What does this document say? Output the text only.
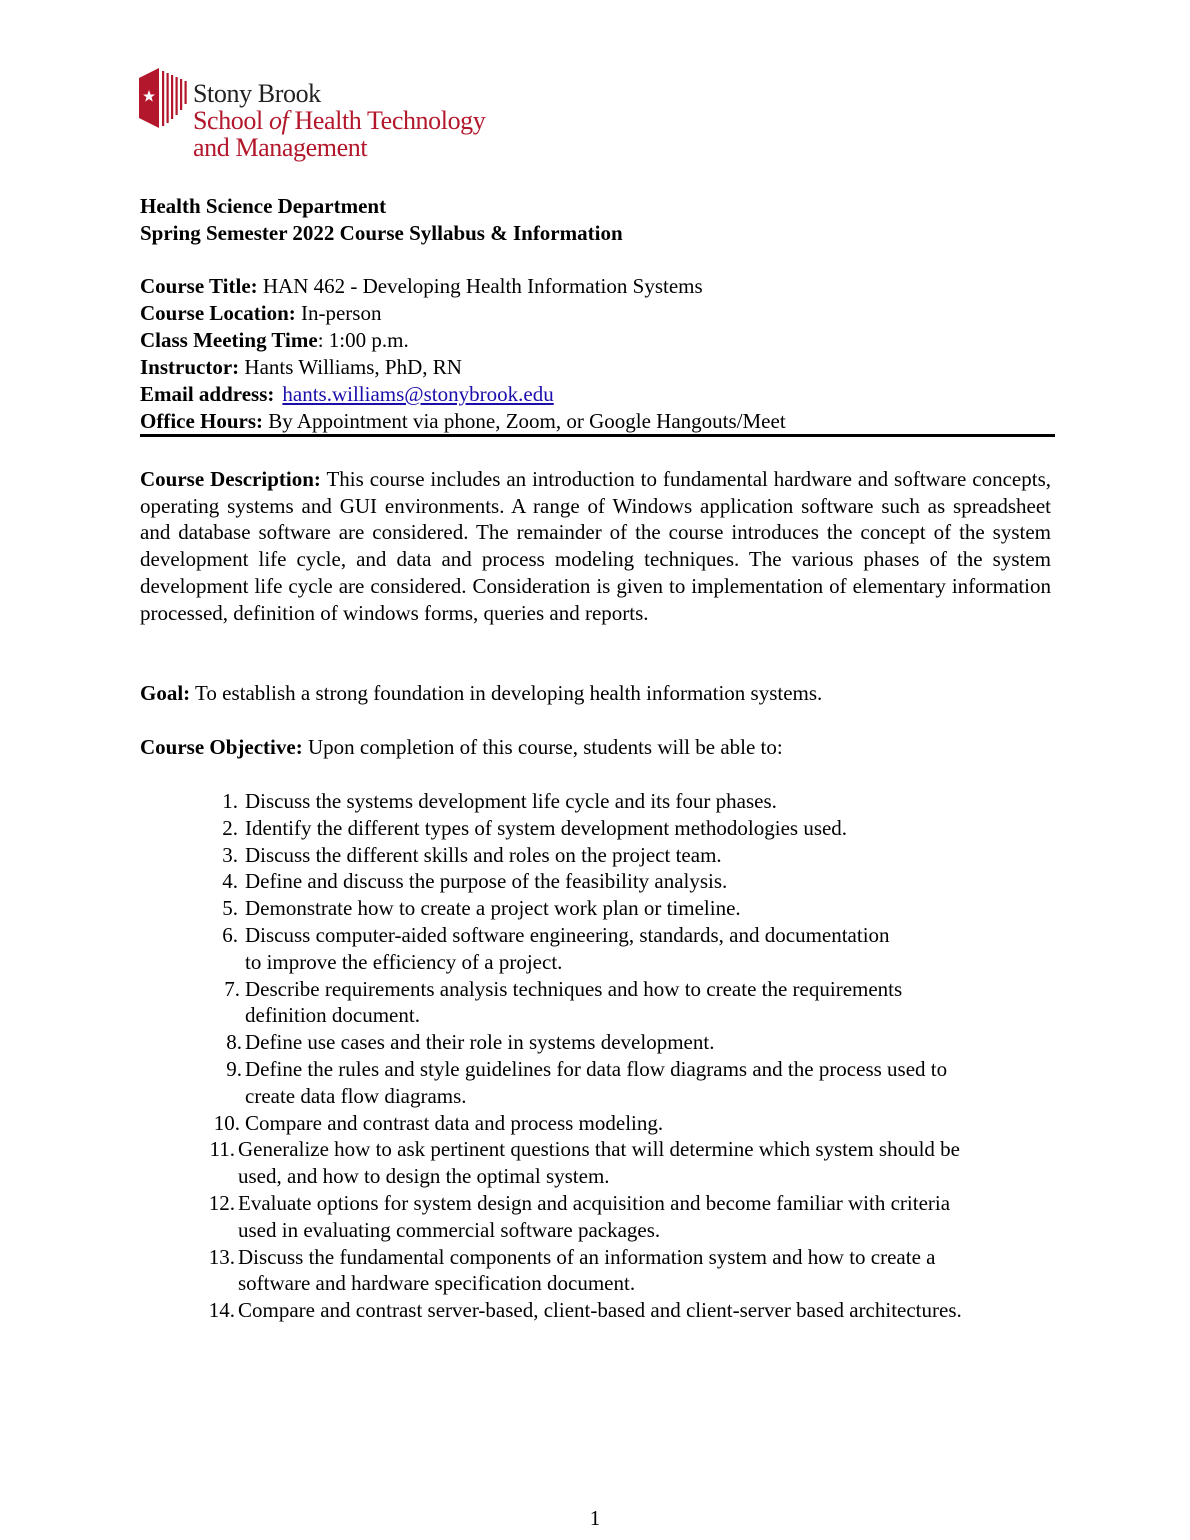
Stony Brook
School of Health Technology
and Management
Health Science Department
Spring Semester 2022 Course Syllabus & Information
Course Title: HAN 462 - Developing Health Information Systems
Course Location: In-person
Class Meeting Time: 1:00 p.m.
Instructor: Hants Williams, PhD, RN
Email address: hants.williams@stonybrook.edu
Office Hours: By Appointment via phone, Zoom, or Google Hangouts/Meet
Course Description: This course includes an introduction to fundamental hardware and software concepts, operating systems and GUI environments. A range of Windows application software such as spreadsheet and database software are considered. The remainder of the course introduces the concept of the system development life cycle, and data and process modeling techniques. The various phases of the system development life cycle are considered. Consideration is given to implementation of elementary information processed, definition of windows forms, queries and reports.
Goal: To establish a strong foundation in developing health information systems.
Course Objective: Upon completion of this course, students will be able to:
1. Discuss the systems development life cycle and its four phases.
2. Identify the different types of system development methodologies used.
3. Discuss the different skills and roles on the project team.
4. Define and discuss the purpose of the feasibility analysis.
5. Demonstrate how to create a project work plan or timeline.
6. Discuss computer-aided software engineering, standards, and documentation
to improve the efficiency of a project.
7. Describe requirements analysis techniques and how to create the requirements
definition document.
8. Define use cases and their role in systems development.
9. Define the rules and style guidelines for data flow diagrams and the process used to
create data flow diagrams.
10. Compare and contrast data and process modeling.
11. Generalize how to ask pertinent questions that will determine which system should be
used, and how to design the optimal system.
12. Evaluate options for system design and acquisition and become familiar with criteria
used in evaluating commercial software packages.
13. Discuss the fundamental components of an information system and how to create a
software and hardware specification document.
14. Compare and contrast server-based, client-based and client-server based architectures.
1
